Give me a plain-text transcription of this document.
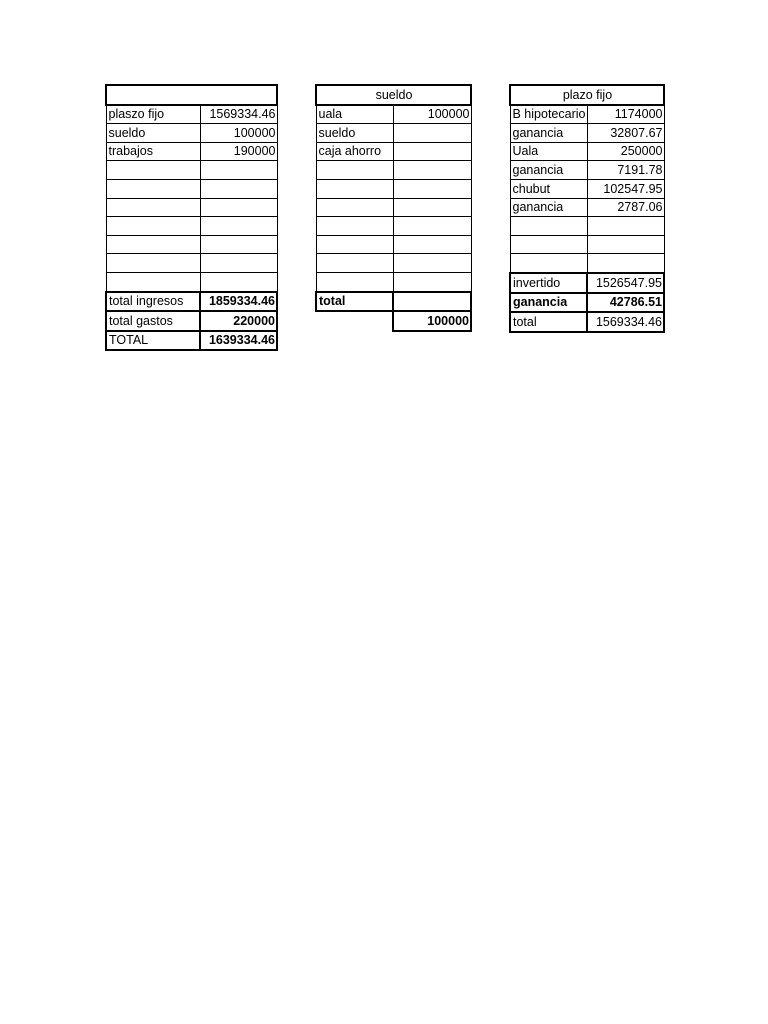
plaszo fijo	1569334.46
sueldo	100000
trabajos	190000

total ingresos	1859334.46
total gastos	220000
TOTAL	1639334.46
sueldo	
uala	100000
sueldo	
caja ahorro	

total	
	100000
plazo fijo	
B hipotecario	1174000
ganancia	32807.67
Uala	250000
ganancia	7191.78
chubut	102547.95
ganancia	2787.06

invertido	1526547.95
ganancia	42786.51
total	1569334.46
